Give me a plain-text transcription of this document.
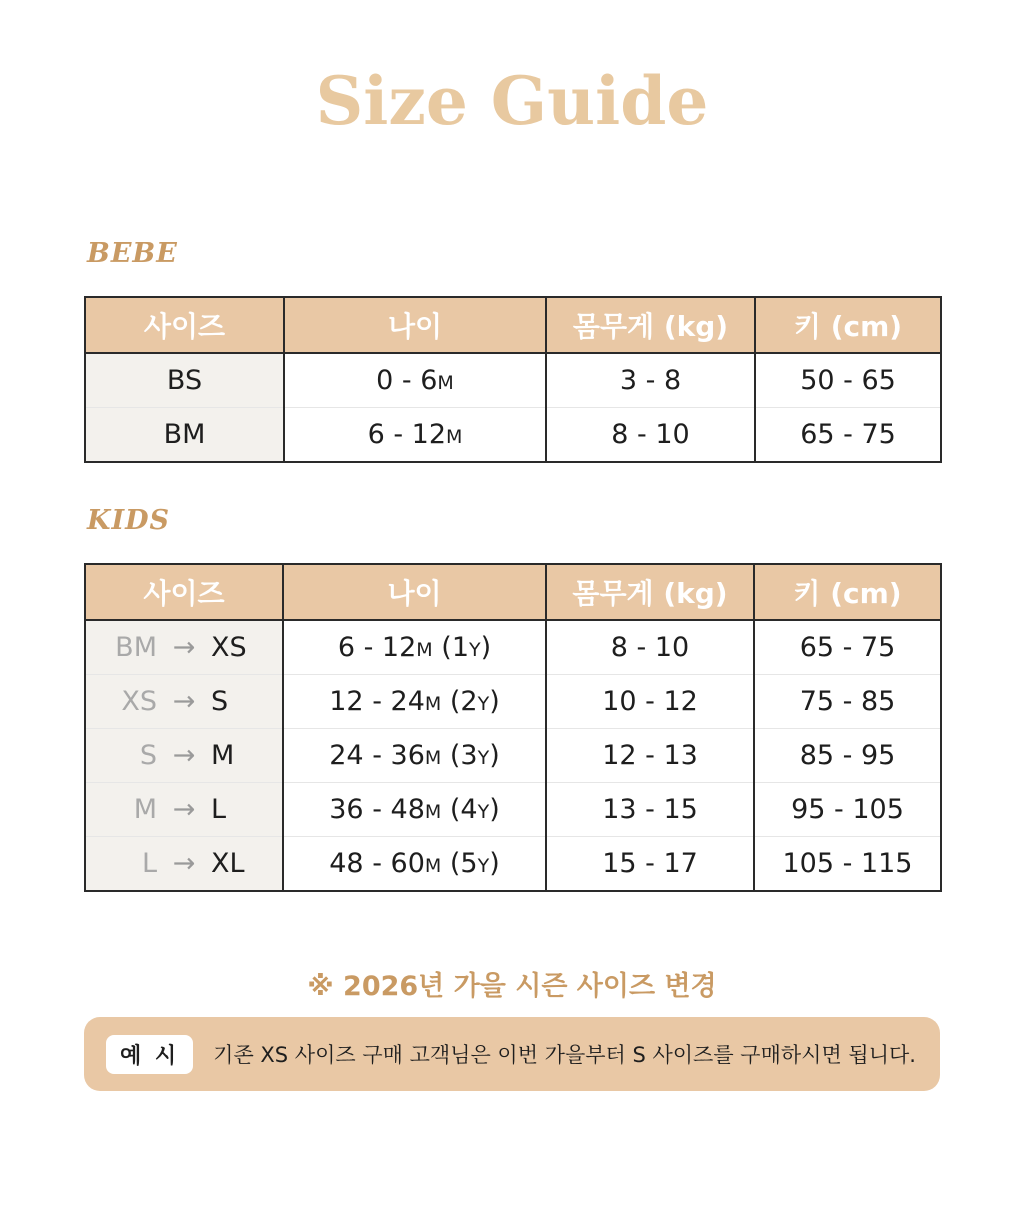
Size Guide
BEBE
사이즈	나이	몸무게 (kg)	키 (cm)
BS	0 - 6M	3 - 8	50 - 65
BM	6 - 12M	8 - 10	65 - 75
KIDS
사이즈	나이	몸무게 (kg)	키 (cm)
BM → XS	6 - 12M (1Y)	8 - 10	65 - 75
XS → S	12 - 24M (2Y)	10 - 12	75 - 85
S → M	24 - 36M (3Y)	12 - 13	85 - 95
M → L	36 - 48M (4Y)	13 - 15	95 - 105
L → XL	48 - 60M (5Y)	15 - 17	105 - 115
※ 2026년 가을 시즌 사이즈 변경
예 시	기존 XS 사이즈 구매 고객님은 이번 가을부터 S 사이즈를 구매하시면 됩니다.
